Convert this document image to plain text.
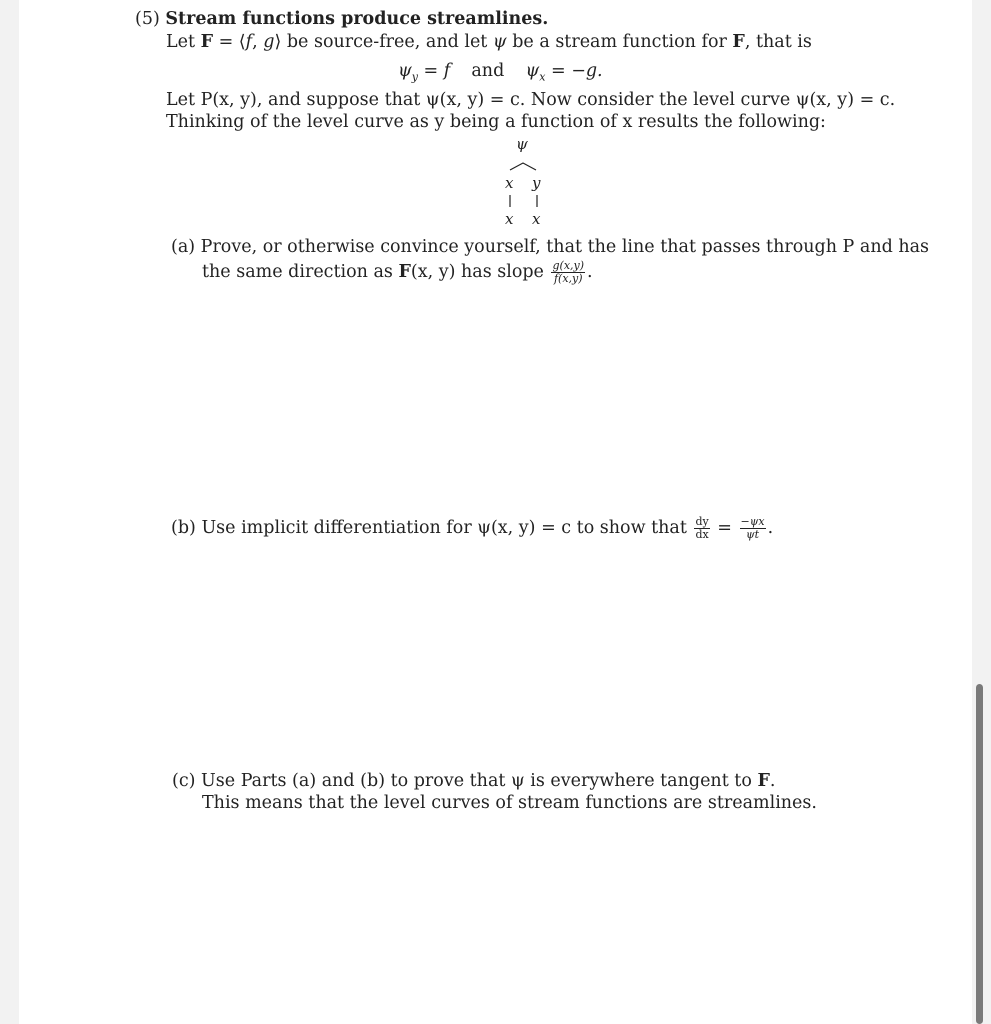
(5) Stream functions produce streamlines.
Let F = ⟨f, g⟩ be source-free, and let ψ be a stream function for F, that is
$\psi_y = f$ and $\psi_x = -g$.
Let P(x, y), and suppose that ψ(x, y) = c. Now consider the level curve ψ(x, y) = c.
Thinking of the level curve as y being a function of x results the following:
ψ
x y
x x
(a) Prove, or otherwise convince yourself, that the line that passes through P and has
the same direction as F(x, y) has slope $\frac{g(x,y)}{f(x,y)}$ .
(b) Use implicit differentiation for ψ(x, y) = c to show that $\frac{dy}{dx} = \frac{-\psi x}{\psi t}$ .
(c) Use Parts (a) and (b) to prove that ψ is everywhere tangent to F.
This means that the level curves of stream functions are streamlines.
